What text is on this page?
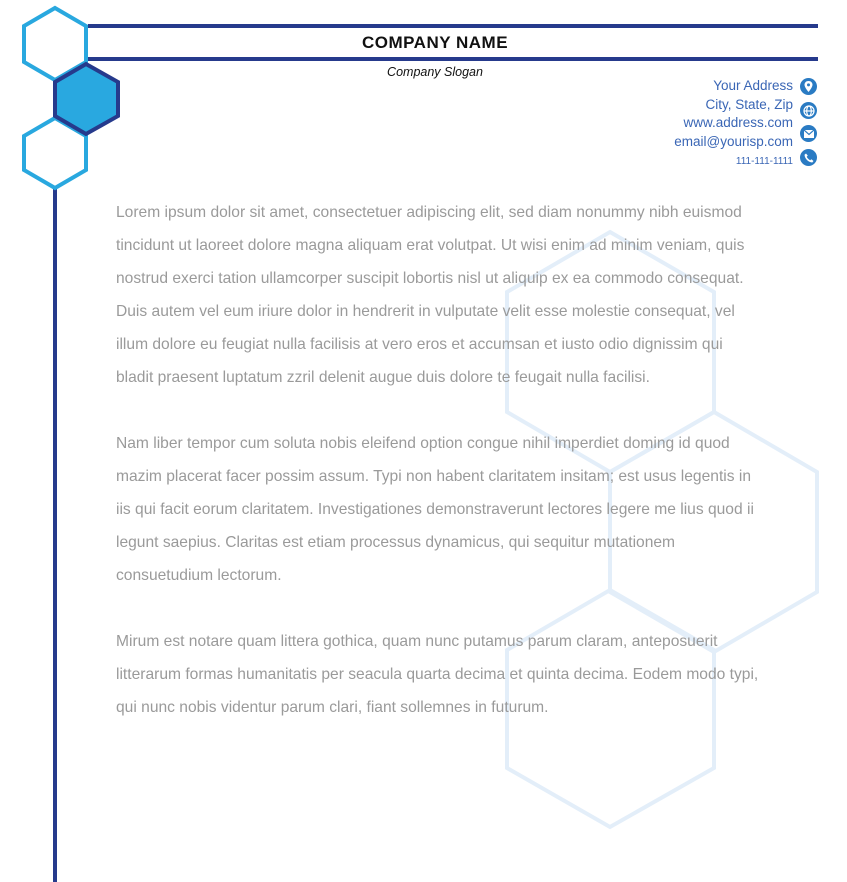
COMPANY NAME
Company Slogan
Your Address
City, State, Zip
www.address.com
email@yourisp.com
111-111-1111

Lorem ipsum dolor sit amet, consectetuer adipiscing elit, sed diam nonummy nibh euismod tincidunt ut laoreet dolore magna aliquam erat volutpat. Ut wisi enim ad minim veniam, quis nostrud exerci tation ullamcorper suscipit lobortis nisl ut aliquip ex ea commodo consequat. Duis autem vel eum iriure dolor in hendrerit in vulputate velit esse molestie consequat, vel illum dolore eu feugiat nulla facilisis at vero eros et accumsan et iusto odio dignissim qui bladit praesent luptatum zzril delenit augue duis dolore te feugait nulla facilisi.

Nam liber tempor cum soluta nobis eleifend option congue nihil imperdiet doming id quod mazim placerat facer possim assum. Typi non habent claritatem insitam; est usus legentis in iis qui facit eorum claritatem. Investigationes demonstraverunt lectores legere me lius quod ii legunt saepius. Claritas est etiam processus dynamicus, qui sequitur mutationem consuetudium lectorum.

Mirum est notare quam littera gothica, quam nunc putamus parum claram, anteposuerit litterarum formas humanitatis per seacula quarta decima et quinta decima. Eodem modo typi, qui nunc nobis videntur parum clari, fiant sollemnes in futurum.
